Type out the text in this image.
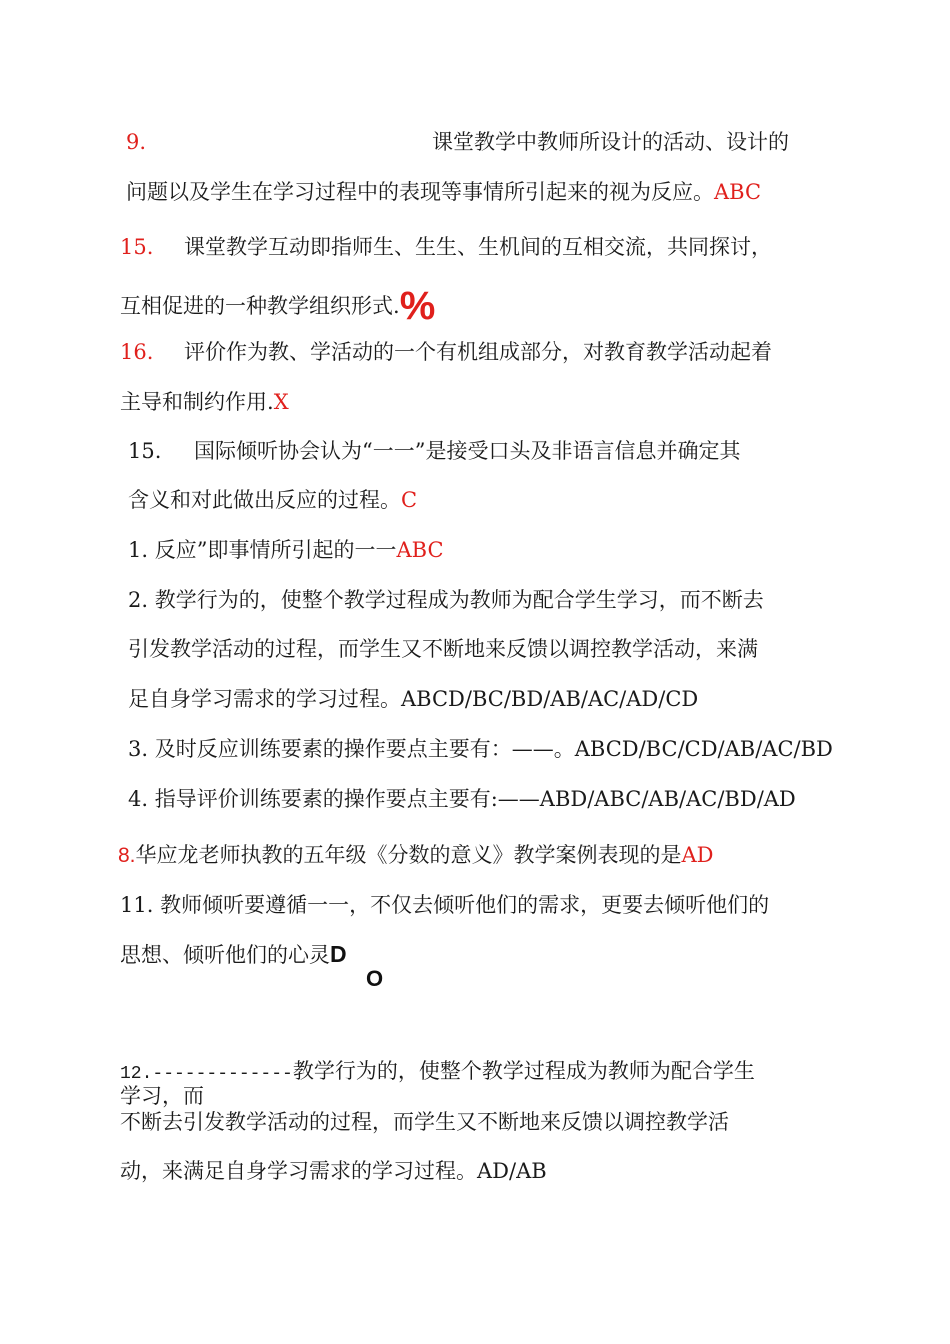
9.	课堂教学中教师所设计的活动、设计的
问题以及学生在学习过程中的表现等事情所引起来的视为反应。ABC
15. 课堂教学互动即指师生、生生、生机间的互相交流，共同探讨，
互相促进的一种教学组织形式.%
16. 评价作为教、学活动的一个有机组成部分，对教育教学活动起着
主导和制约作用.X
15. 国际倾听协会认为“一一”是接受口头及非语言信息并确定其
含义和对此做出反应的过程。C
1. 反应”即事情所引起的一一ABC
2. 教学行为的，使整个教学过程成为教师为配合学生学习，而不断去
引发教学活动的过程，而学生又不断地来反馈以调控教学活动，来满
足自身学习需求的学习过程。ABCD/BC/BD/AB/AC/AD/CD
3. 及时反应训练要素的操作要点主要有：——。ABCD/BC/CD/AB/AC/BD
4. 指导评价训练要素的操作要点主要有:——ABD/ABC/AB/AC/BD/AD
8.华应龙老师执教的五年级《分数的意义》教学案例表现的是AD
11. 教师倾听要遵循一一，不仅去倾听他们的需求，更要去倾听他们的
思想、倾听他们的心灵D
O
12.-------------教学行为的，使整个教学过程成为教师为配合学生
学习，而
不断去引发教学活动的过程，而学生又不断地来反馈以调控教学活
动，来满足自身学习需求的学习过程。AD/AB
